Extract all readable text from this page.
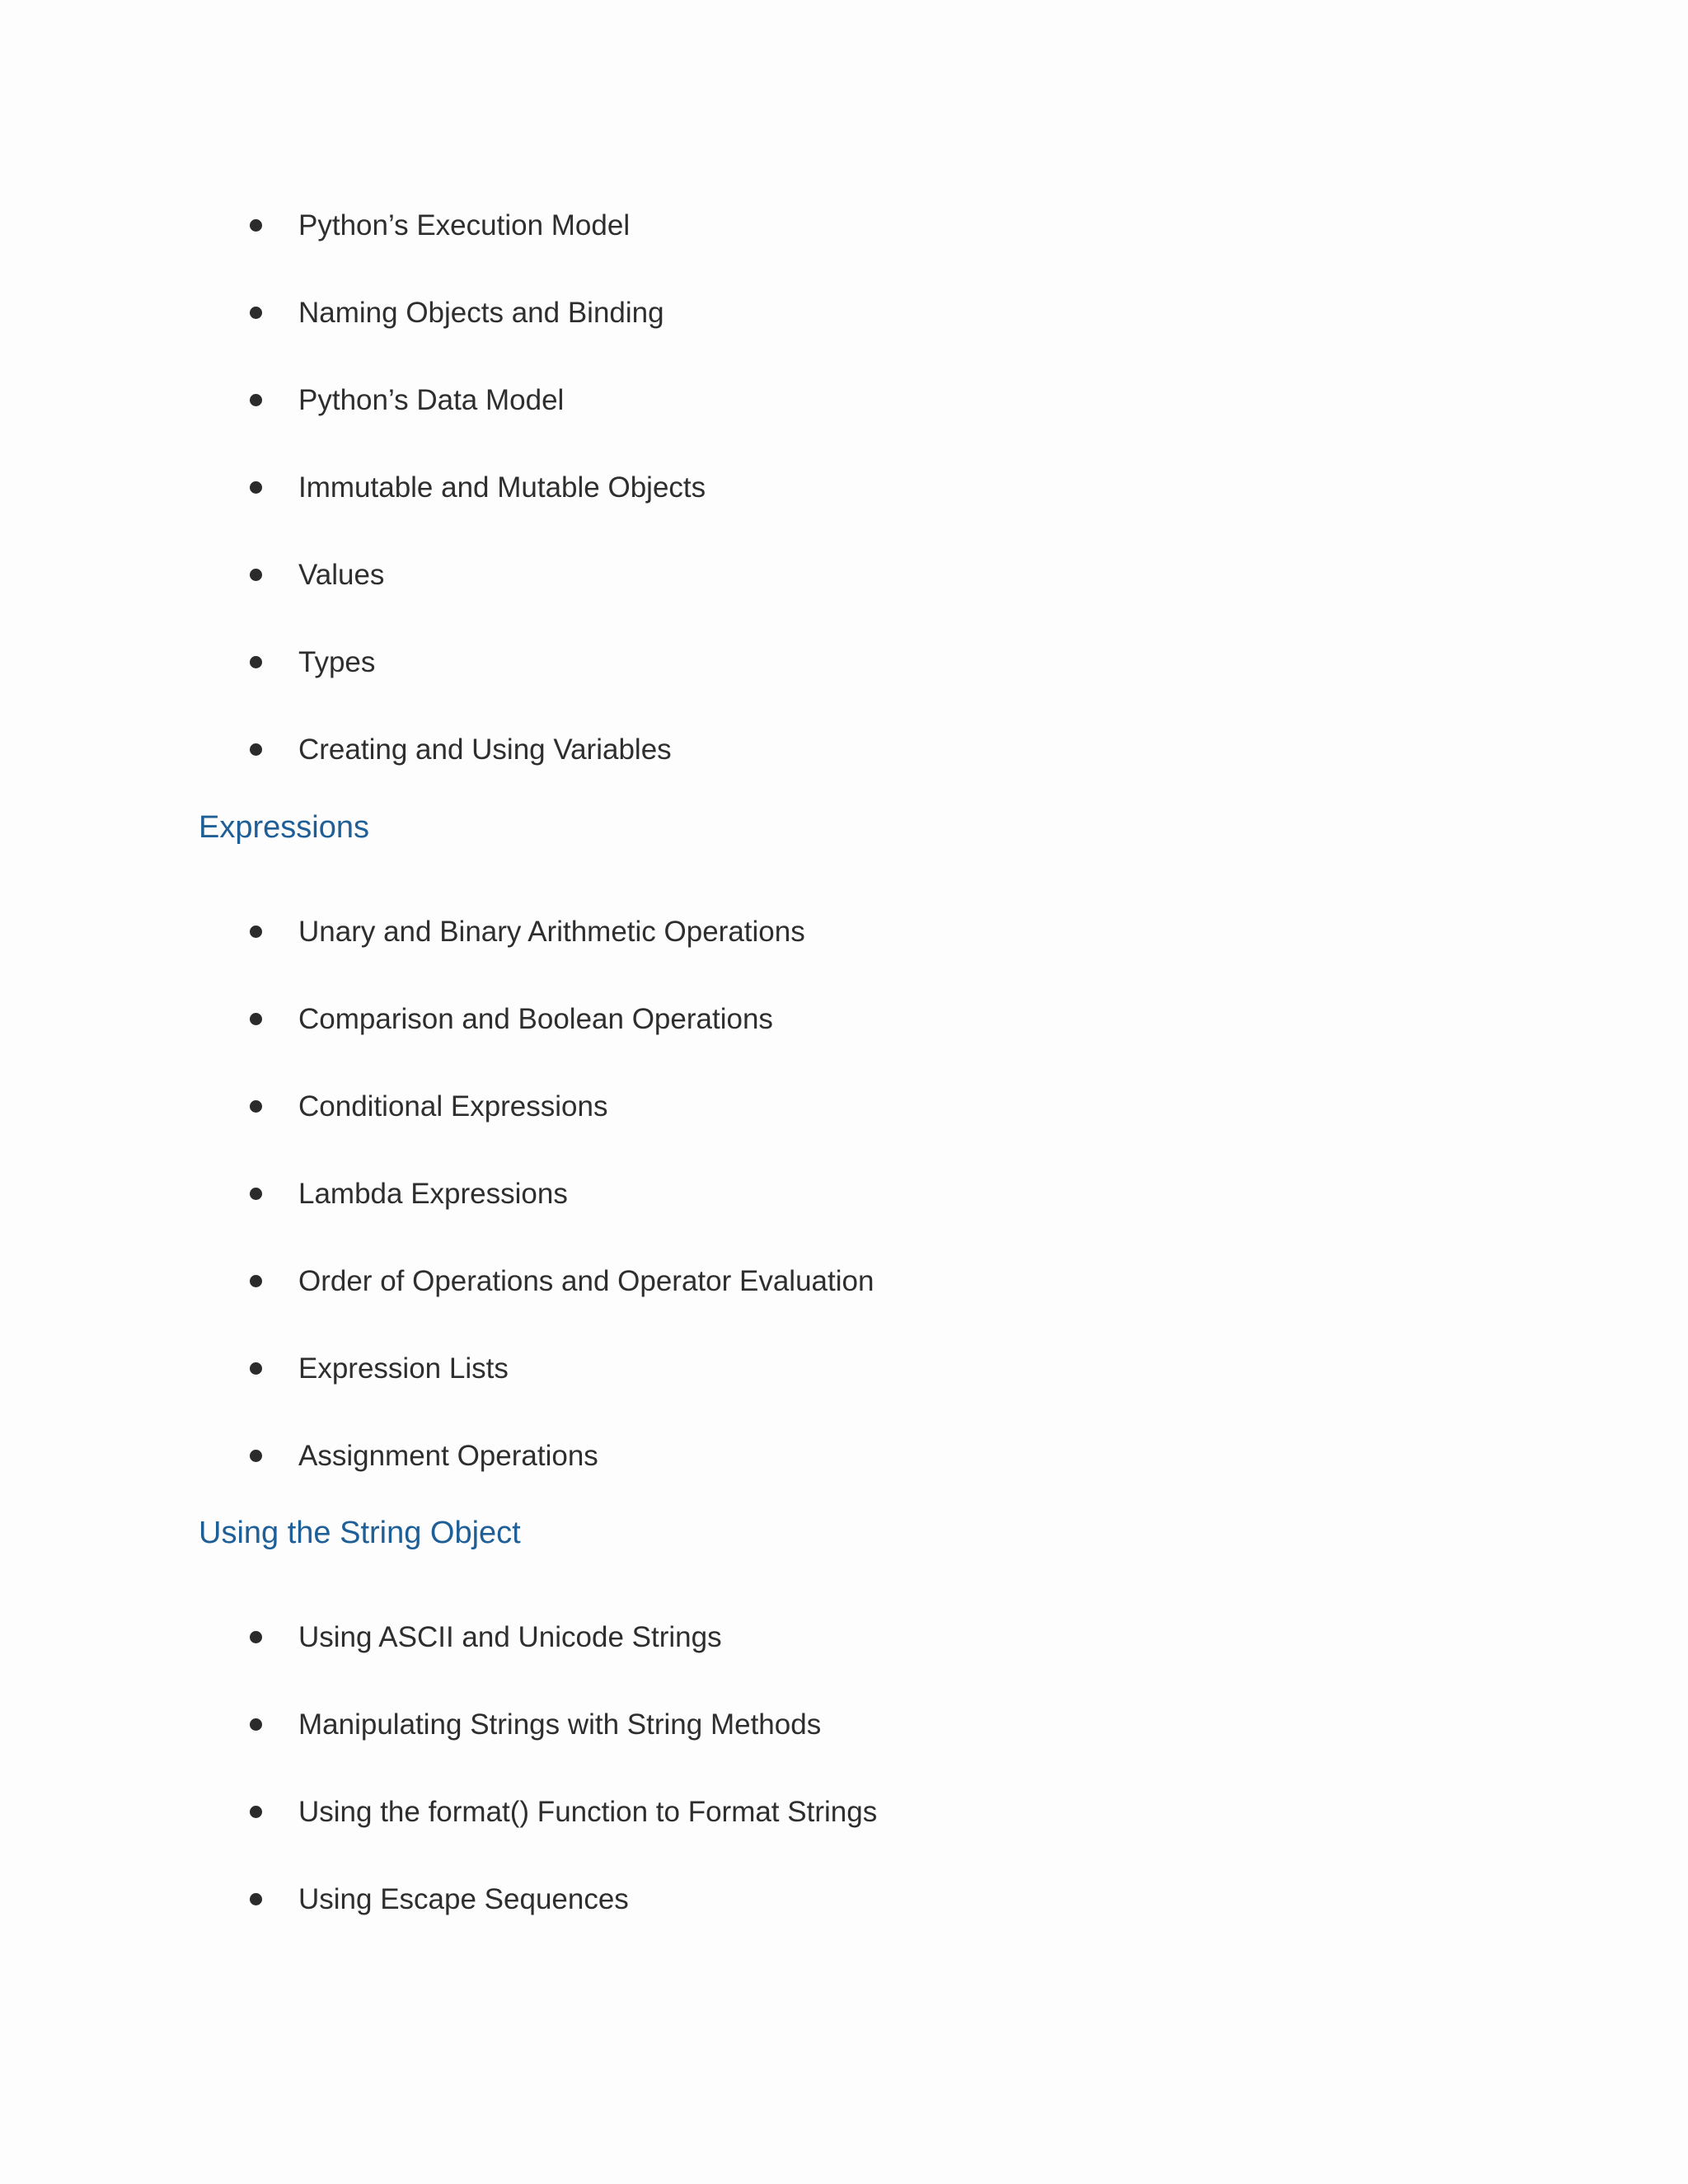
Python’s Execution Model
Naming Objects and Binding
Python’s Data Model
Immutable and Mutable Objects
Values
Types
Creating and Using Variables
Expressions
Unary and Binary Arithmetic Operations
Comparison and Boolean Operations
Conditional Expressions
Lambda Expressions
Order of Operations and Operator Evaluation
Expression Lists
Assignment Operations
Using the String Object
Using ASCII and Unicode Strings
Manipulating Strings with String Methods
Using the format() Function to Format Strings
Using Escape Sequences
